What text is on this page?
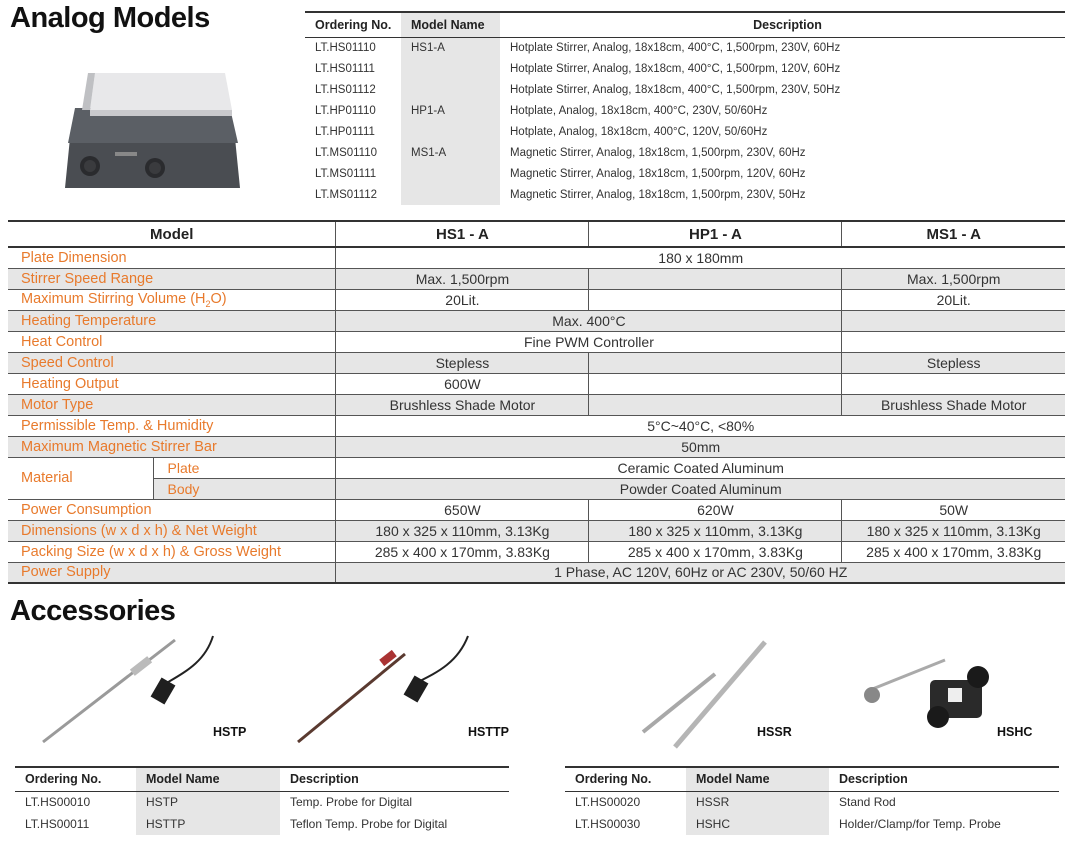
Analog Models	Ordering No.	Model Name	Description
LT.HS01110	HS1-A	Hotplate Stirrer, Analog, 18x18cm, 400°C, 1,500rpm, 230V, 60Hz
LT.HS01111		Hotplate Stirrer, Analog, 18x18cm, 400°C, 1,500rpm, 120V, 60Hz
LT.HS01112		Hotplate Stirrer, Analog, 18x18cm, 400°C, 1,500rpm, 230V, 50Hz
LT.HP01110	HP1-A	Hotplate, Analog, 18x18cm, 400°C, 230V, 50/60Hz
LT.HP01111		Hotplate, Analog, 18x18cm, 400°C, 120V, 50/60Hz
LT.MS01110	MS1-A	Magnetic Stirrer, Analog, 18x18cm, 1,500rpm, 230V, 60Hz
LT.MS01111		Magnetic Stirrer, Analog, 18x18cm, 1,500rpm, 120V, 60Hz
LT.MS01112		Magnetic Stirrer, Analog, 18x18cm, 1,500rpm, 230V, 50Hz
Model		HS1 - A	HP1 - A	MS1 - A
Plate Dimension		180 x 180mm		
Stirrer Speed Range		Max. 1,500rpm		Max. 1,500rpm
Maximum Stirring Volume $(H_2O)$		20Lit.		20Lit.
Heating Temperature		Max. 400°C		
Heat Control		Fine PWM Controller		
Speed Control		Stepless		Stepless
Heating Output		600W		
Motor Type		Brushless Shade Motor		Brushless Shade Motor
Permissible Temp. & Humidity		5°C~40°C, <80%		
Maximum Magnetic Stirrer Bar		50mm		
Material	Plate	Ceramic Coated Aluminum		
	Body	Powder Coated Aluminum		
Power Consumption		650W	620W	50W
Dimensions (w x d x h) & Net Weight		180 x 325 x 110mm, 3.13Kg	180 x 325 x 110mm, 3.13Kg	180 x 325 x 110mm, 3.13Kg
Packing Size (w x d x h) & Gross Weight		285 x 400 x 170mm, 3.83Kg	285 x 400 x 170mm, 3.83Kg	285 x 400 x 170mm, 3.83Kg
Power Supply		1 Phase, AC 120V, 60Hz or AC 230V, 50/60 HZ		
Accessories
HSTP	HSTTP	HSSR	HSHC
Ordering No.	Model Name	Description
LT.HS00010	HSTP	Temp. Probe for Digital
LT.HS00011	HSTTP	Teflon Temp. Probe for Digital
Ordering No.	Model Name	Description
LT.HS00020	HSSR	Stand Rod
LT.HS00030	HSHC	Holder/Clamp/for Temp. Probe
